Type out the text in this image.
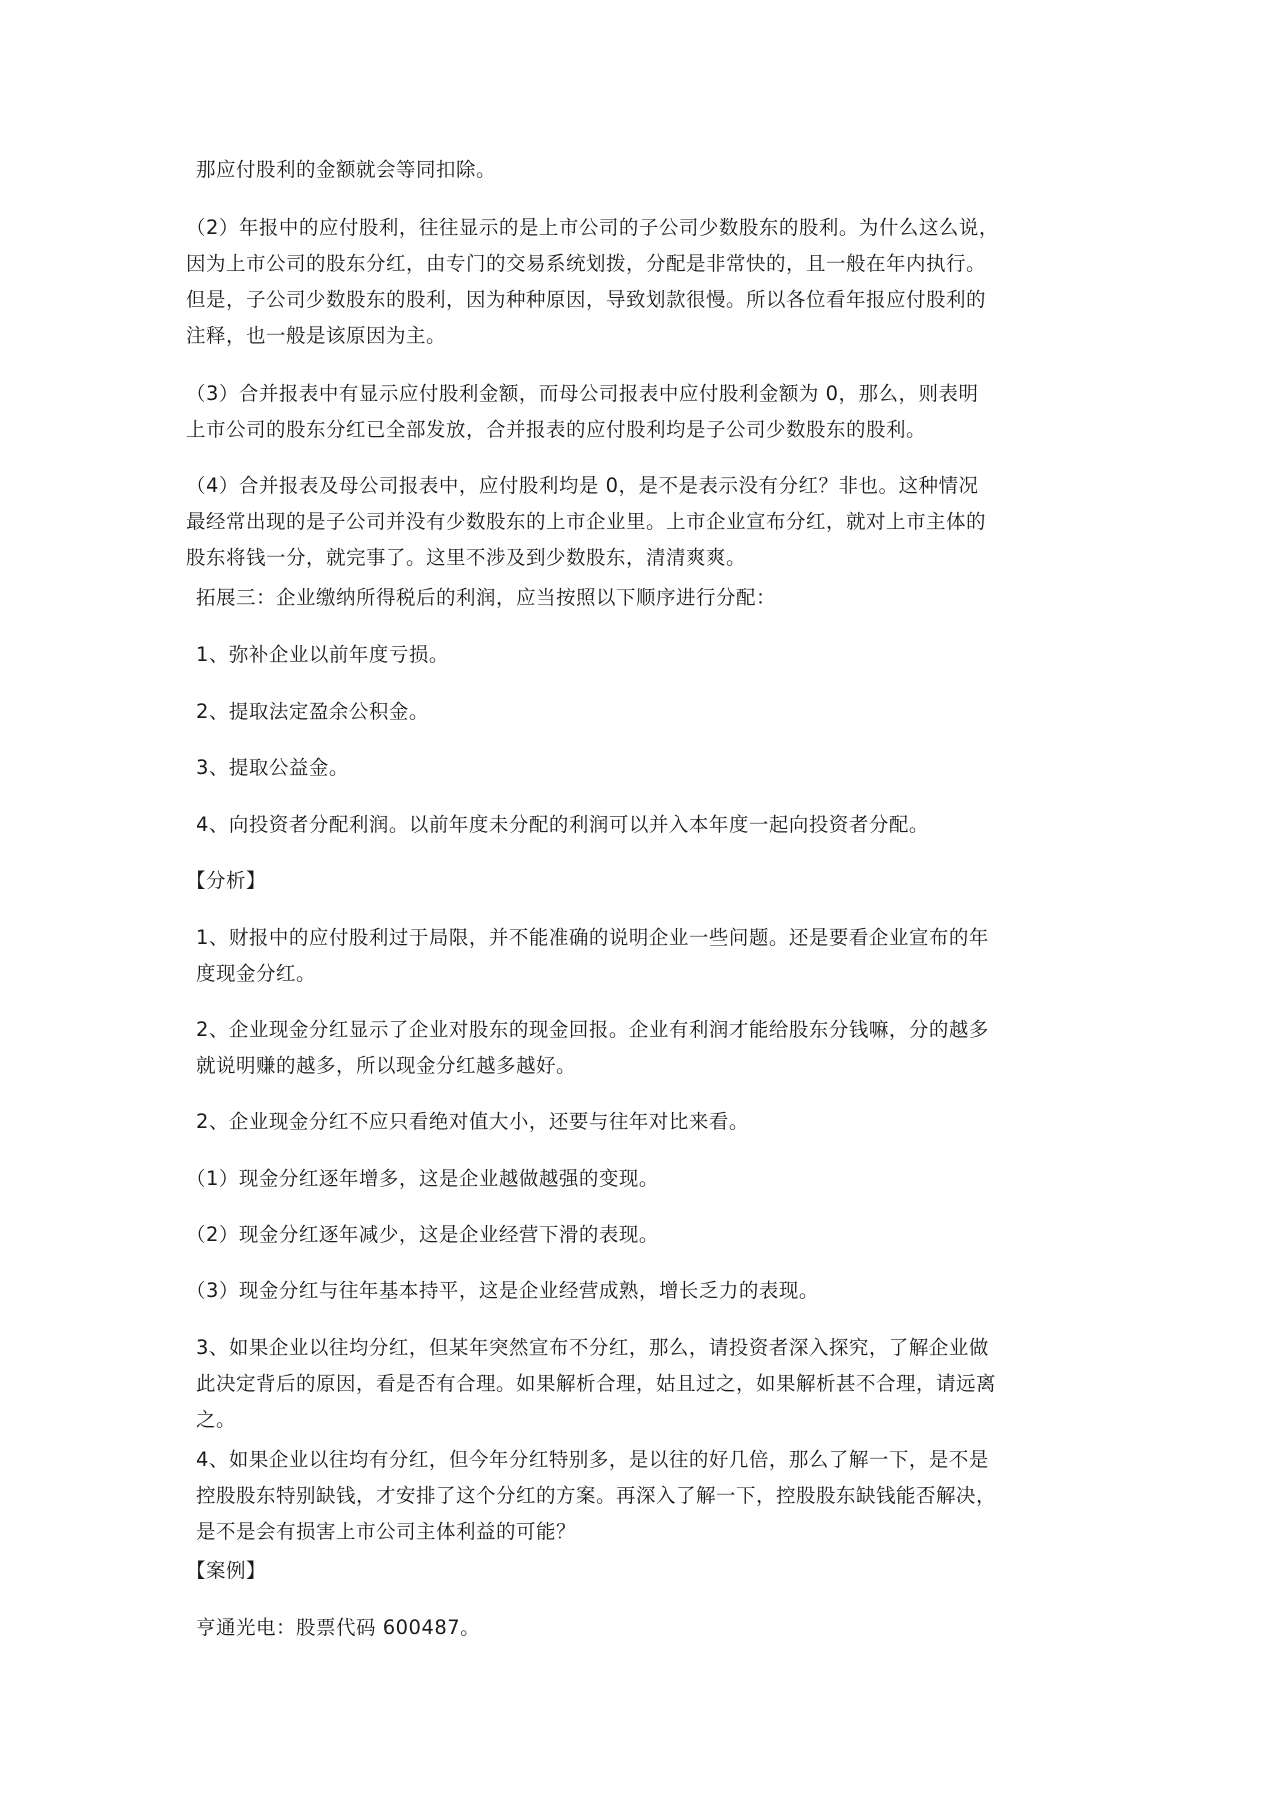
那应付股利的金额就会等同扣除。

（2）年报中的应付股利，往往显示的是上市公司的子公司少数股东的股利。为什么这么说，
因为上市公司的股东分红，由专门的交易系统划拨，分配是非常快的，且一般在年内执行。
但是，子公司少数股东的股利，因为种种原因，导致划款很慢。所以各位看年报应付股利的
注释，也一般是该原因为主。

（3）合并报表中有显示应付股利金额，而母公司报表中应付股利金额为 0，那么，则表明
上市公司的股东分红已全部发放，合并报表的应付股利均是子公司少数股东的股利。

（4）合并报表及母公司报表中，应付股利均是 0，是不是表示没有分红？非也。这种情况
最经常出现的是子公司并没有少数股东的上市企业里。上市企业宣布分红，就对上市主体的
股东将钱一分，就完事了。这里不涉及到少数股东，清清爽爽。

拓展三：企业缴纳所得税后的利润，应当按照以下顺序进行分配：

1、弥补企业以前年度亏损。

2、提取法定盈余公积金。

3、提取公益金。

4、向投资者分配利润。以前年度未分配的利润可以并入本年度一起向投资者分配。

【分析】

1、财报中的应付股利过于局限，并不能准确的说明企业一些问题。还是要看企业宣布的年
度现金分红。

2、企业现金分红显示了企业对股东的现金回报。企业有利润才能给股东分钱嘛，分的越多
就说明赚的越多，所以现金分红越多越好。

2、企业现金分红不应只看绝对值大小，还要与往年对比来看。

（1）现金分红逐年增多，这是企业越做越强的变现。

（2）现金分红逐年减少，这是企业经营下滑的表现。

（3）现金分红与往年基本持平，这是企业经营成熟，增长乏力的表现。

3、如果企业以往均分红，但某年突然宣布不分红，那么，请投资者深入探究，了解企业做
此决定背后的原因，看是否有合理。如果解析合理，姑且过之，如果解析甚不合理，请远离
之。

4、如果企业以往均有分红，但今年分红特别多，是以往的好几倍，那么了解一下，是不是
控股股东特别缺钱，才安排了这个分红的方案。再深入了解一下，控股股东缺钱能否解决，
是不是会有损害上市公司主体利益的可能？

【案例】

亨通光电：股票代码 600487。
